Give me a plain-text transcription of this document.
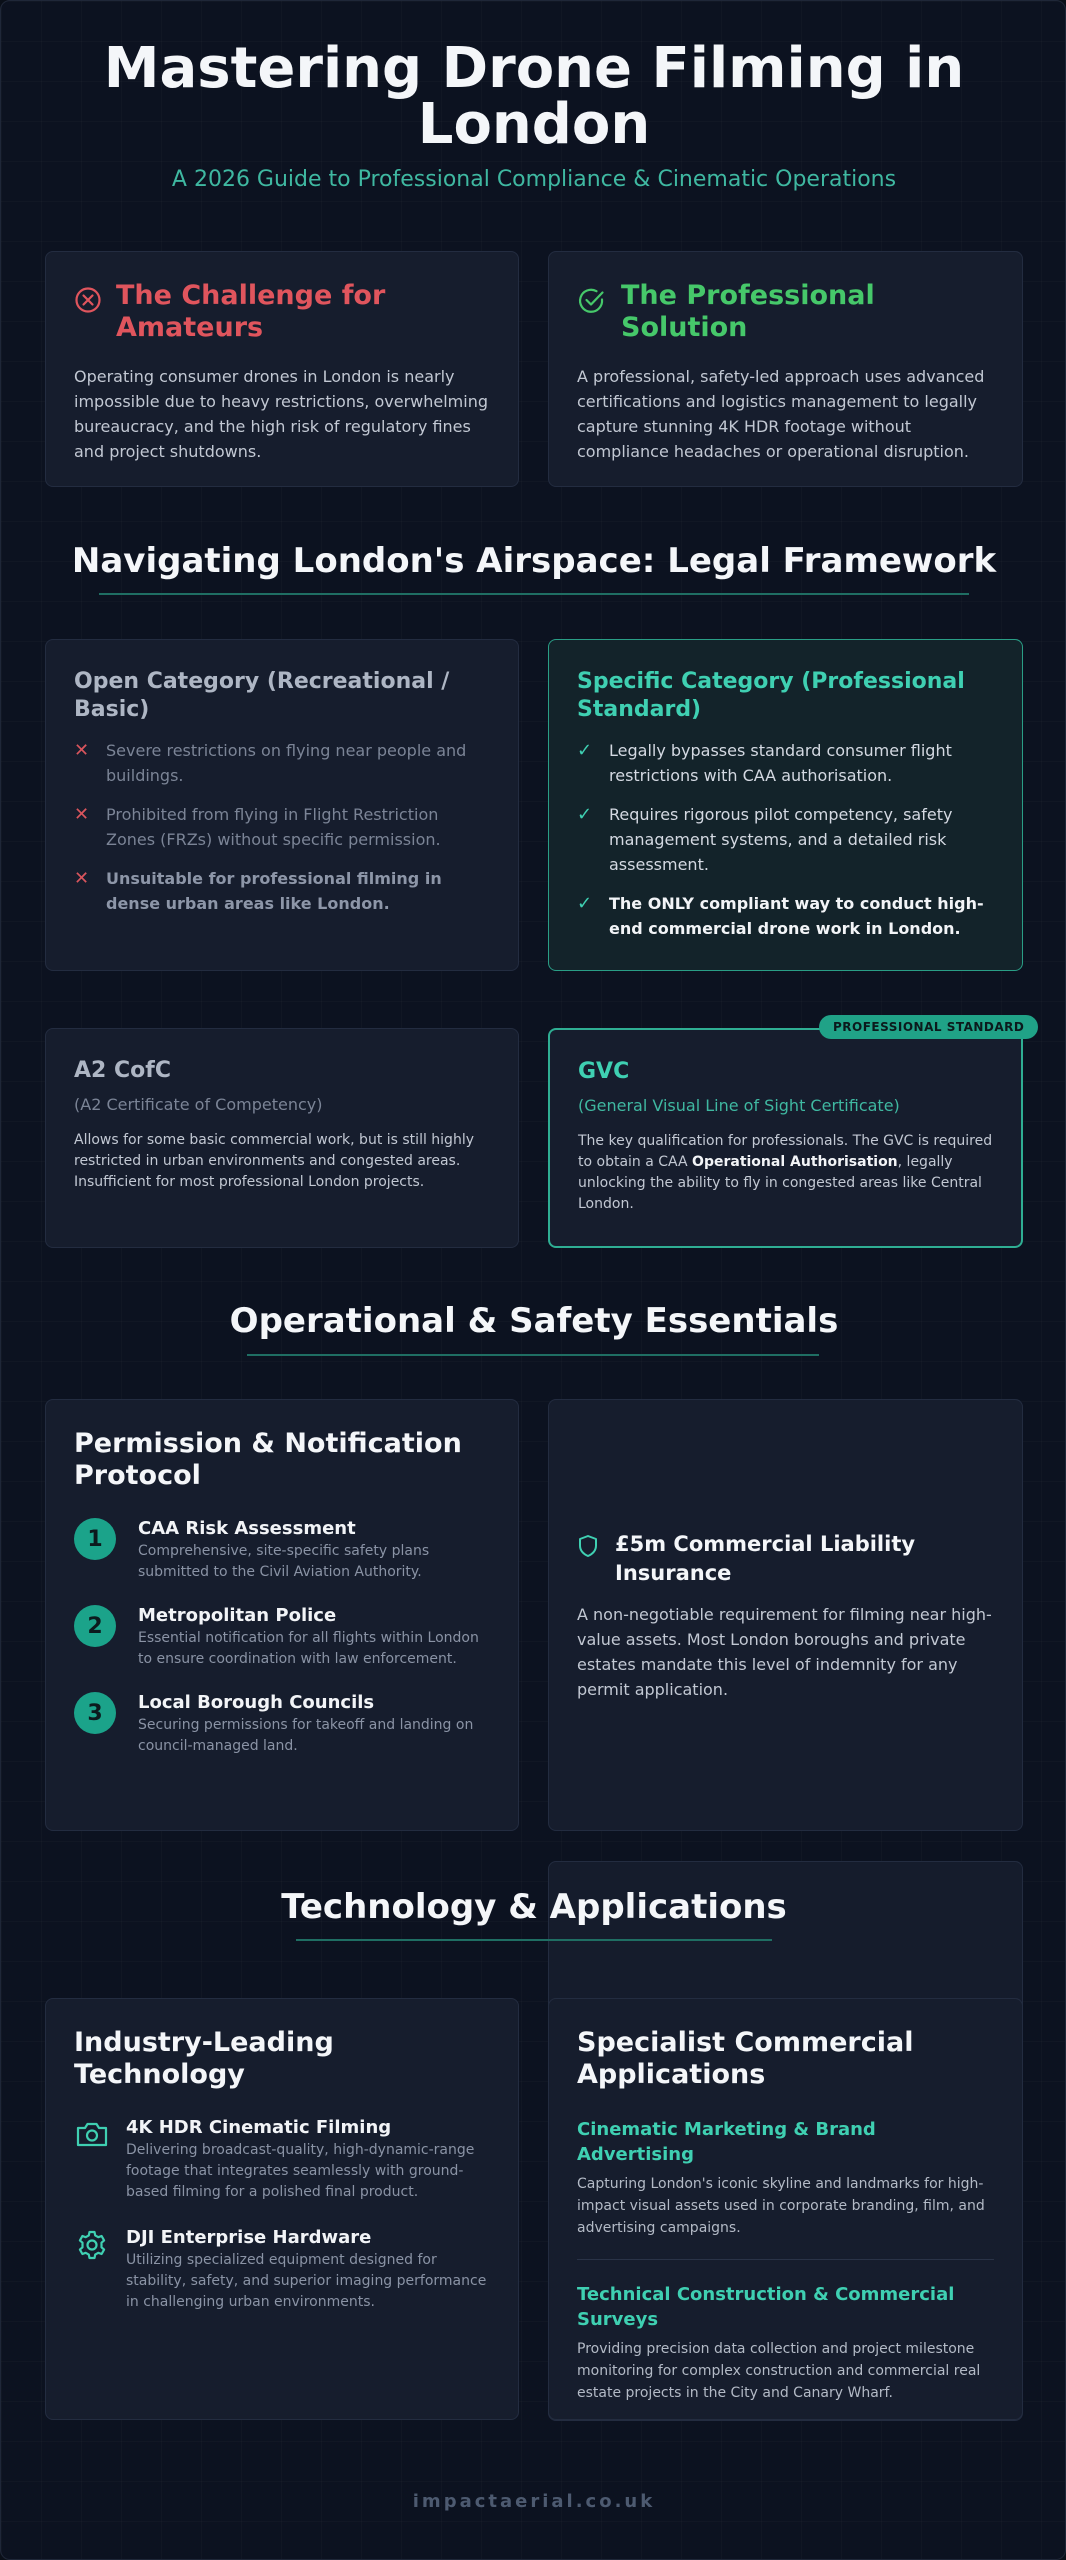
Mastering Drone Filming in London
A 2026 Guide to Professional Compliance & Cinematic Operations
The Challenge for Amateurs
Operating consumer drones in London is nearly impossible due to heavy restrictions, overwhelming bureaucracy, and the high risk of regulatory fines and project shutdowns.
The Professional Solution
A professional, safety-led approach uses advanced certifications and logistics management to legally capture stunning 4K HDR footage without compliance headaches or operational disruption.
Navigating London's Airspace: Legal Framework
Open Category (Recreational / Basic)
✕ Severe restrictions on flying near people and buildings.
✕ Prohibited from flying in Flight Restriction Zones (FRZs) without specific permission.
✕ Unsuitable for professional filming in dense urban areas like London.
Specific Category (Professional Standard)
✓ Legally bypasses standard consumer flight restrictions with CAA authorisation.
✓ Requires rigorous pilot competency, safety management systems, and a detailed risk assessment.
✓ The ONLY compliant way to conduct high-end commercial drone work in London.
A2 CofC
(A2 Certificate of Competency)
Allows for some basic commercial work, but is still highly restricted in urban environments and congested areas. Insufficient for most professional London projects.
GVC
(General Visual Line of Sight Certificate)
The key qualification for professionals. The GVC is required to obtain a CAA Operational Authorisation, legally unlocking the ability to fly in congested areas like Central London.
PROFESSIONAL STANDARD
Operational & Safety Essentials
Permission & Notification Protocol
1	CAA Risk Assessment
Comprehensive, site-specific safety plans submitted to the Civil Aviation Authority.
2	Metropolitan Police
Essential notification for all flights within London to ensure coordination with law enforcement.
3	Local Borough Councils
Securing permissions for takeoff and landing on council-managed land.
£5m Commercial Liability Insurance
A non-negotiable requirement for filming near high-value assets. Most London boroughs and private estates mandate this level of indemnity for any permit application.
Technology & Applications
Industry-Leading Technology
4K HDR Cinematic Filming
Delivering broadcast-quality, high-dynamic-range footage that integrates seamlessly with ground-based filming for a polished final product.
DJI Enterprise Hardware
Utilizing specialized equipment designed for stability, safety, and superior imaging performance in challenging urban environments.
Specialist Commercial Applications
Cinematic Marketing & Brand Advertising
Capturing London's iconic skyline and landmarks for high-impact visual assets used in corporate branding, film, and advertising campaigns.
Technical Construction & Commercial Surveys
Providing precision data collection and project milestone monitoring for complex construction and commercial real estate projects in the City and Canary Wharf.
impactaerial.co.uk
